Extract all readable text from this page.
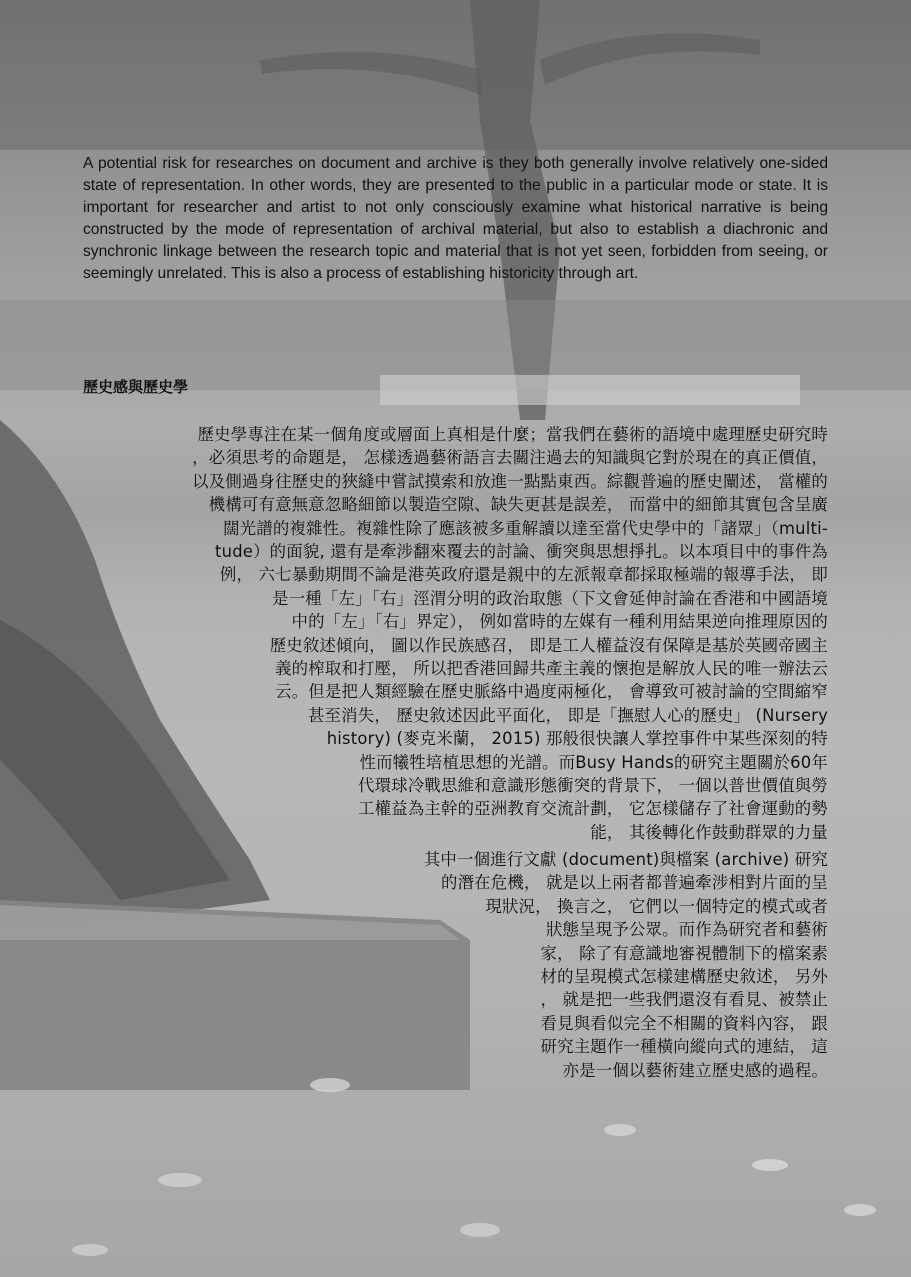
A potential risk for researches on document and archive is they both generally involve relatively one-sided state of representation. In other words, they are presented to the public in a particular mode or state. It is important for researcher and artist to not only consciously examine what historical narrative is being constructed by the mode of representation of archival material, but also to establish a diachronic and synchronic linkage between the research topic and material that is not yet seen, forbidden from seeing, or seemingly unrelated. This is also a process of establishing historicity through art.

歷史感與歷史學
歷史學專注在某一個角度或層面上真相是什麼；當我們在藝術的語境中處理歷史研究時
，必須思考的命題是， 怎樣透過藝術語言去關注過去的知識與它對於現在的真正價值，
以及側過身往歷史的狹縫中嘗試摸索和放進一點點東西。綜觀普遍的歷史闡述， 當權的
機構可有意無意忽略細節以製造空隙、缺失更甚是誤差， 而當中的細節其實包含呈廣
闊光譜的複雜性。複雜性除了應該被多重解讀以達至當代史學中的「諸眾」（multi-
tude）的面貌, 還有是牽涉翻來覆去的討論、衝突與思想掙扎。以本項目中的事件為
例， 六七暴動期間不論是港英政府還是親中的左派報章都採取極端的報導手法， 即
是一種「左」「右」涇渭分明的政治取態（下文會延伸討論在香港和中國語境
中的「左」「右」界定）， 例如當時的左媒有一種利用結果逆向推理原因的
歷史敘述傾向， 圖以作民族感召， 即是工人權益沒有保障是基於英國帝國主
義的榨取和打壓， 所以把香港回歸共產主義的懷抱是解放人民的唯一辦法云
云。但是把人類經驗在歷史脈絡中過度兩極化， 會導致可被討論的空間縮窄
甚至消失， 歷史敘述因此平面化， 即是「撫慰人心的歷史」 (Nursery
history) (麥克米蘭， 2015) 那般很快讓人掌控事件中某些深刻的特
性而犧牲培植思想的光譜。而Busy Hands的研究主題關於60年
代環球冷戰思維和意識形態衝突的背景下， 一個以普世價值與勞
工權益為主幹的亞洲教育交流計劃， 它怎樣儲存了社會運動的勢
能， 其後轉化作鼓動群眾的力量
其中一個進行文獻 (document)與檔案 (archive) 研究
的潛在危機， 就是以上兩者都普遍牽涉相對片面的呈
現狀況， 換言之， 它們以一個特定的模式或者
狀態呈現予公眾。而作為研究者和藝術
家， 除了有意識地審視體制下的檔案素
材的呈現模式怎樣建構歷史敘述， 另外
， 就是把一些我們還沒有看見、被禁止
看見與看似完全不相關的資料內容， 跟
研究主題作一種橫向縱向式的連結， 這
亦是一個以藝術建立歷史感的過程。
